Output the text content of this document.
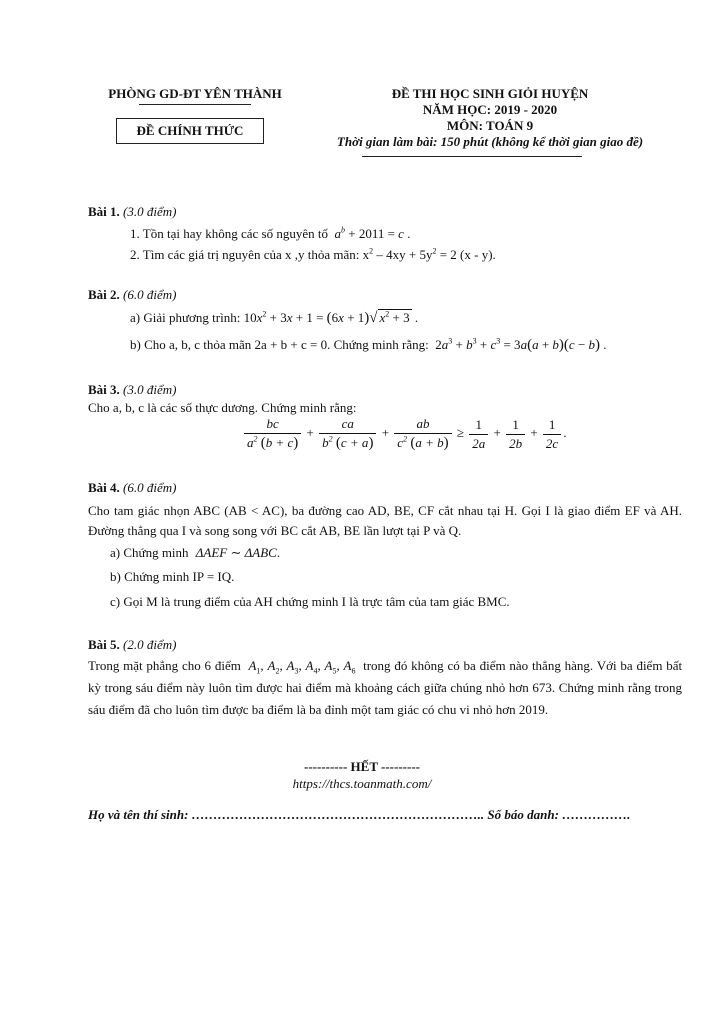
PHÒNG GD-ĐT YÊN THÀNH
ĐỀ CHÍNH THỨC
ĐỀ THI HỌC SINH GIỎI HUYỆN
NĂM HỌC: 2019 - 2020
MÔN: TOÁN 9
Thời gian làm bài: 150 phút (không kể thời gian giao đề)
Bài 1. (3.0 điểm)
1. Tồn tại hay không các số nguyên tố $a^b + 2011 = c$ .
2. Tìm các giá trị nguyên của x ,y thỏa mãn: $x^2 - 4xy + 5y^2 = 2$ (x - y).
Bài 2. (6.0 điểm)
a) Giải phương trình: $10x^2 + 3x + 1 = (6x + 1)√$ $x^2 + 3$ .
b) Cho a, b, c thỏa mãn 2a + b + c = 0. Chứng minh rằng:  $2a^3 + b^3 + c^3 = 3a(a + b)(c - b)$ .
Bài 3. (3.0 điểm)
Cho a, b, c là các số thực dương. Chứng minh rằng:
$\frac{bc}{a^2 (b + c)} + \frac{ca}{b^2 (c + a)} + \frac{ab}{c^2 (a + b)} \ge \frac{1}{2a} + \frac{1}{2b} + \frac{1}{2c}$ .
Bài 4. (6.0 điểm)
Cho tam giác nhọn ABC (AB < AC), ba đường cao AD, BE, CF cắt nhau tại H. Gọi I là giao điểm EF và AH. Đường thẳng qua I và song song với BC cắt AB, BE lần lượt tại P và Q.
a) Chứng minh ΔAEF ∼ ΔABC.
b) Chứng minh IP = IQ.
c) Gọi M là trung điểm của AH chứng minh I là trực tâm của tam giác BMC.
Bài 5. (2.0 điểm)
Trong mặt phẳng cho 6 điểm $A_1$, $A_2$, $A_3$, $A_4$, $A_5$, $A_6$ trong đó không có ba điểm nào thẳng hàng. Với ba điểm bất kỳ trong sáu điểm này luôn tìm được hai điểm mà khoảng cách giữa chúng nhỏ hơn 673. Chứng minh rằng trong sáu điểm đã cho luôn tìm được ba điểm là ba đỉnh một tam giác có chu vi nhỏ hơn 2019.
---------- HẾT ---------
https://thcs.toanmath.com/
Họ và tên thí sinh: ………………………………………………………….. Số báo danh: …………….
